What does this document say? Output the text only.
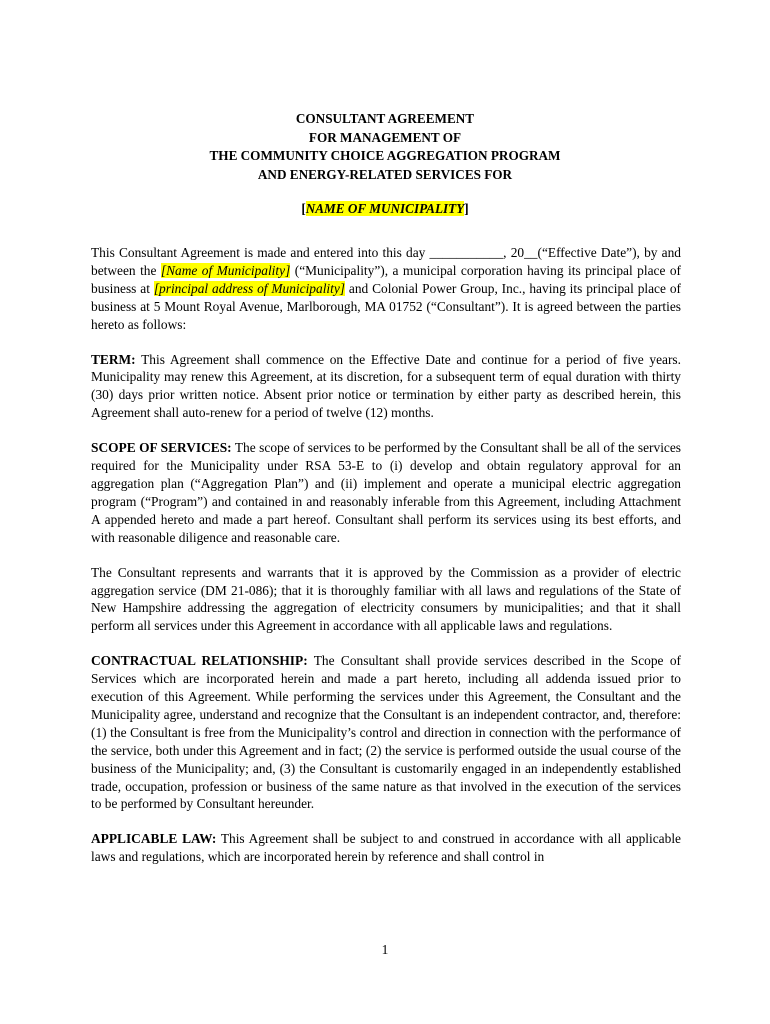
CONSULTANT AGREEMENT
FOR MANAGEMENT OF
THE COMMUNITY CHOICE AGGREGATION PROGRAM
AND ENERGY-RELATED SERVICES FOR
[NAME OF MUNICIPALITY]

This Consultant Agreement is made and entered into this day ___________, 20__(“Effective Date”), by and between the [Name of Municipality] (“Municipality”), a municipal corporation having its principal place of business at [principal address of Municipality] and Colonial Power Group, Inc., having its principal place of business at 5 Mount Royal Avenue, Marlborough, MA 01752 (“Consultant”). It is agreed between the parties hereto as follows:

TERM: This Agreement shall commence on the Effective Date and continue for a period of five years. Municipality may renew this Agreement, at its discretion, for a subsequent term of equal duration with thirty (30) days prior written notice. Absent prior notice or termination by either party as described herein, this Agreement shall auto-renew for a period of twelve (12) months.

SCOPE OF SERVICES: The scope of services to be performed by the Consultant shall be all of the services required for the Municipality under RSA 53-E to (i) develop and obtain regulatory approval for an aggregation plan (“Aggregation Plan”) and (ii) implement and operate a municipal electric aggregation program (“Program”) and contained in and reasonably inferable from this Agreement, including Attachment A appended hereto and made a part hereof. Consultant shall perform its services using its best efforts, and with reasonable diligence and reasonable care.

The Consultant represents and warrants that it is approved by the Commission as a provider of electric aggregation service (DM 21-086); that it is thoroughly familiar with all laws and regulations of the State of New Hampshire addressing the aggregation of electricity consumers by municipalities; and that it shall perform all services under this Agreement in accordance with all applicable laws and regulations.

CONTRACTUAL RELATIONSHIP: The Consultant shall provide services described in the Scope of Services which are incorporated herein and made a part hereto, including all addenda issued prior to execution of this Agreement. While performing the services under this Agreement, the Consultant and the Municipality agree, understand and recognize that the Consultant is an independent contractor, and, therefore: (1) the Consultant is free from the Municipality’s control and direction in connection with the performance of the service, both under this Agreement and in fact; (2) the service is performed outside the usual course of the business of the Municipality; and, (3) the Consultant is customarily engaged in an independently established trade, occupation, profession or business of the same nature as that involved in the execution of the services to be performed by Consultant hereunder.

APPLICABLE LAW: This Agreement shall be subject to and construed in accordance with all applicable laws and regulations, which are incorporated herein by reference and shall control in

1
